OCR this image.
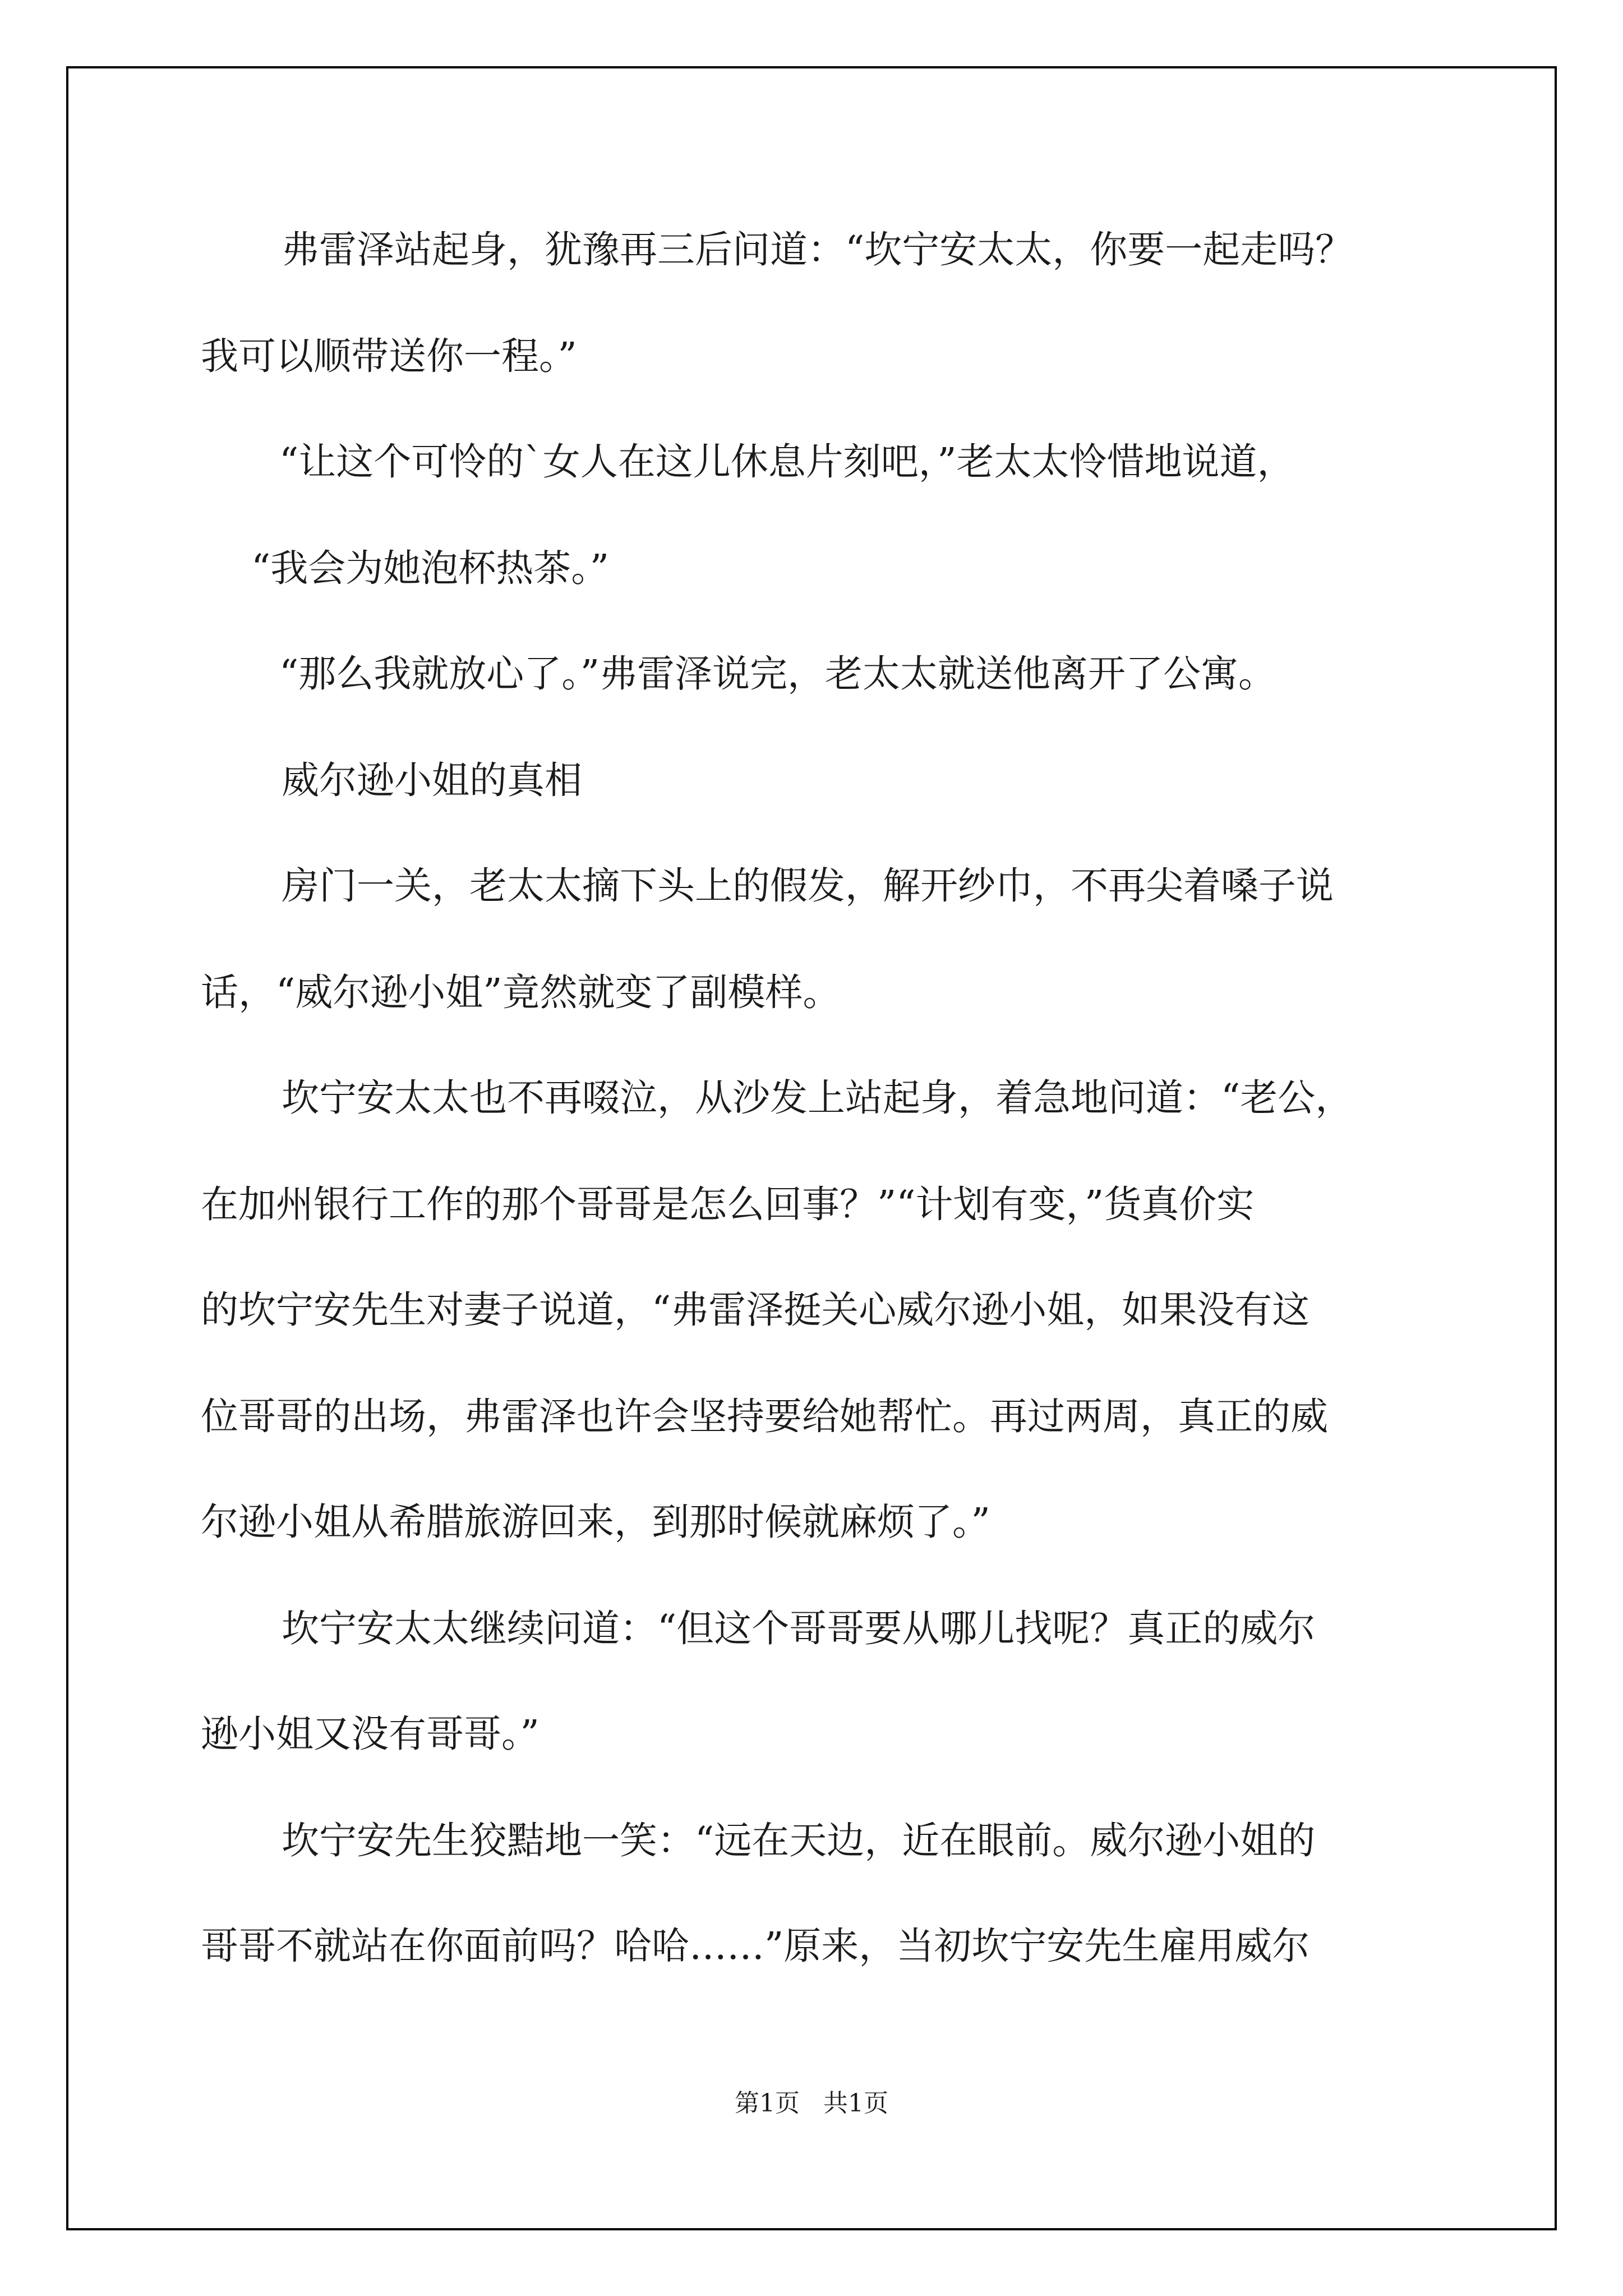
弗雷泽站起身，犹豫再三后问道：“坎宁安太太，你要一起走吗？

我可以顺带送你一程。”

“让这个可怜的`女人在这儿休息片刻吧，”老太太怜惜地说道，

“我会为她泡杯热茶。”

“那么我就放心了。”弗雷泽说完，老太太就送他离开了公寓。

威尔逊小姐的真相

房门一关，老太太摘下头上的假发，解开纱巾，不再尖着嗓子说

话，“威尔逊小姐”竟然就变了副模样。

坎宁安太太也不再啜泣，从沙发上站起身，着急地问道：“老公，

在加州银行工作的那个哥哥是怎么回事？”“计划有变，”货真价实

的坎宁安先生对妻子说道，“弗雷泽挺关心威尔逊小姐，如果没有这

位哥哥的出场，弗雷泽也许会坚持要给她帮忙。再过两周，真正的威

尔逊小姐从希腊旅游回来，到那时候就麻烦了。”

坎宁安太太继续问道：“但这个哥哥要从哪儿找呢？真正的威尔

逊小姐又没有哥哥。”

坎宁安先生狡黠地一笑：“远在天边，近在眼前。威尔逊小姐的

哥哥不就站在你面前吗？哈哈……”原来，当初坎宁安先生雇用威尔

第1页   共1页
